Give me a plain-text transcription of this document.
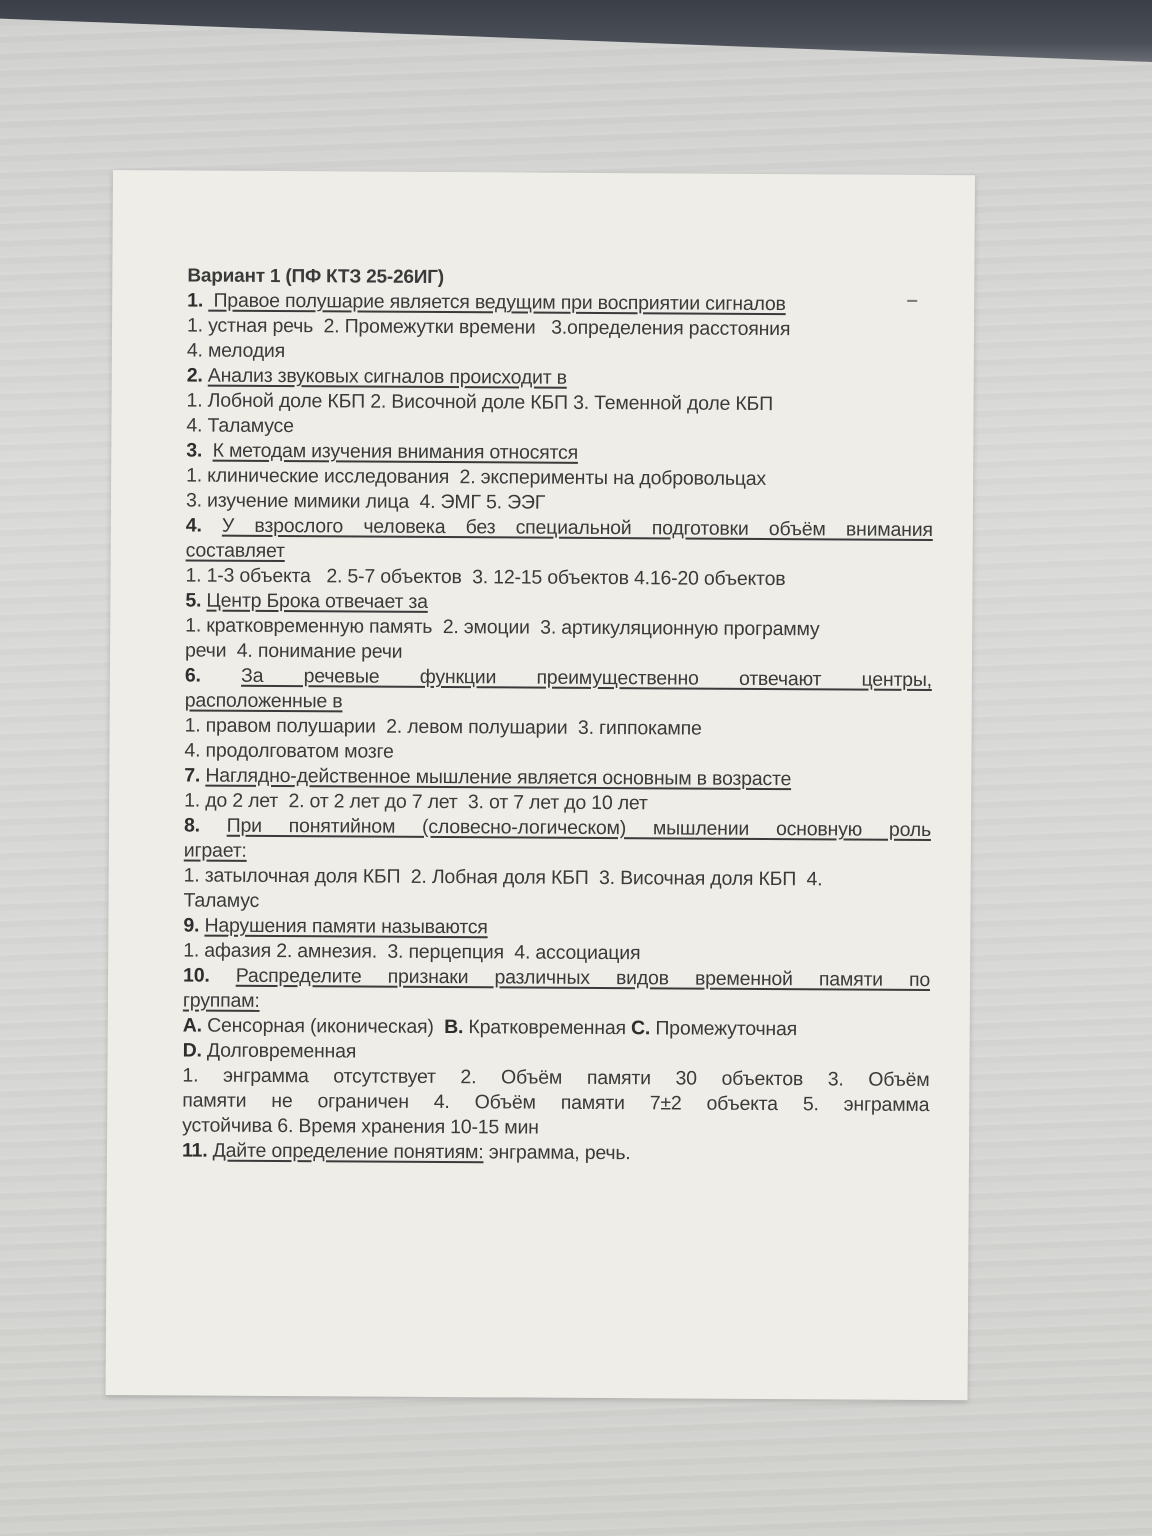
Вариант 1 (ПФ КТЗ 25-26ИГ)
1.  Правое полушарие является ведущим при восприятии сигналов
1. устная речь  2. Промежутки времени   3.определения расстояния
4. мелодия
2. Анализ звуковых сигналов происходит в
1. Лобной доле КБП 2. Височной доле КБП 3. Теменной доле КБП
4. Таламусе
3.  К методам изучения внимания относятся
1. клинические исследования  2. эксперименты на добровольцах
3. изучение мимики лица  4. ЭМГ 5. ЭЭГ
4. У взрослого человека без специальной подготовки объём внимания
составляет
1. 1-3 объекта   2. 5-7 объектов  3. 12-15 объектов 4.16-20 объектов
5. Центр Брока отвечает за
1. кратковременную память  2. эмоции  3. артикуляционную программу
речи  4. понимание речи
6. За речевые функции преимущественно отвечают центры,
расположенные в
1. правом полушарии  2. левом полушарии  3. гиппокампе
4. продолговатом мозге
7. Наглядно-действенное мышление является основным в возрасте
1. до 2 лет  2. от 2 лет до 7 лет  3. от 7 лет до 10 лет
8. При понятийном (словесно-логическом) мышлении основную роль
играет:
1. затылочная доля КБП  2. Лобная доля КБП  3. Височная доля КБП  4.
Таламус
9. Нарушения памяти называются
1. афазия 2. амнезия.  3. перцепция  4. ассоциация
10. Распределите признаки различных видов временной памяти по
группам:
A. Сенсорная (иконическая)  B. Кратковременная C. Промежуточная
D. Долговременная
1. энграмма отсутствует 2. Объём памяти 30 объектов 3. Объём
памяти не ограничен 4. Объём памяти 7±2 объекта 5. энграмма
устойчива 6. Время хранения 10-15 мин
11. Дайте определение понятиям: энграмма, речь.
